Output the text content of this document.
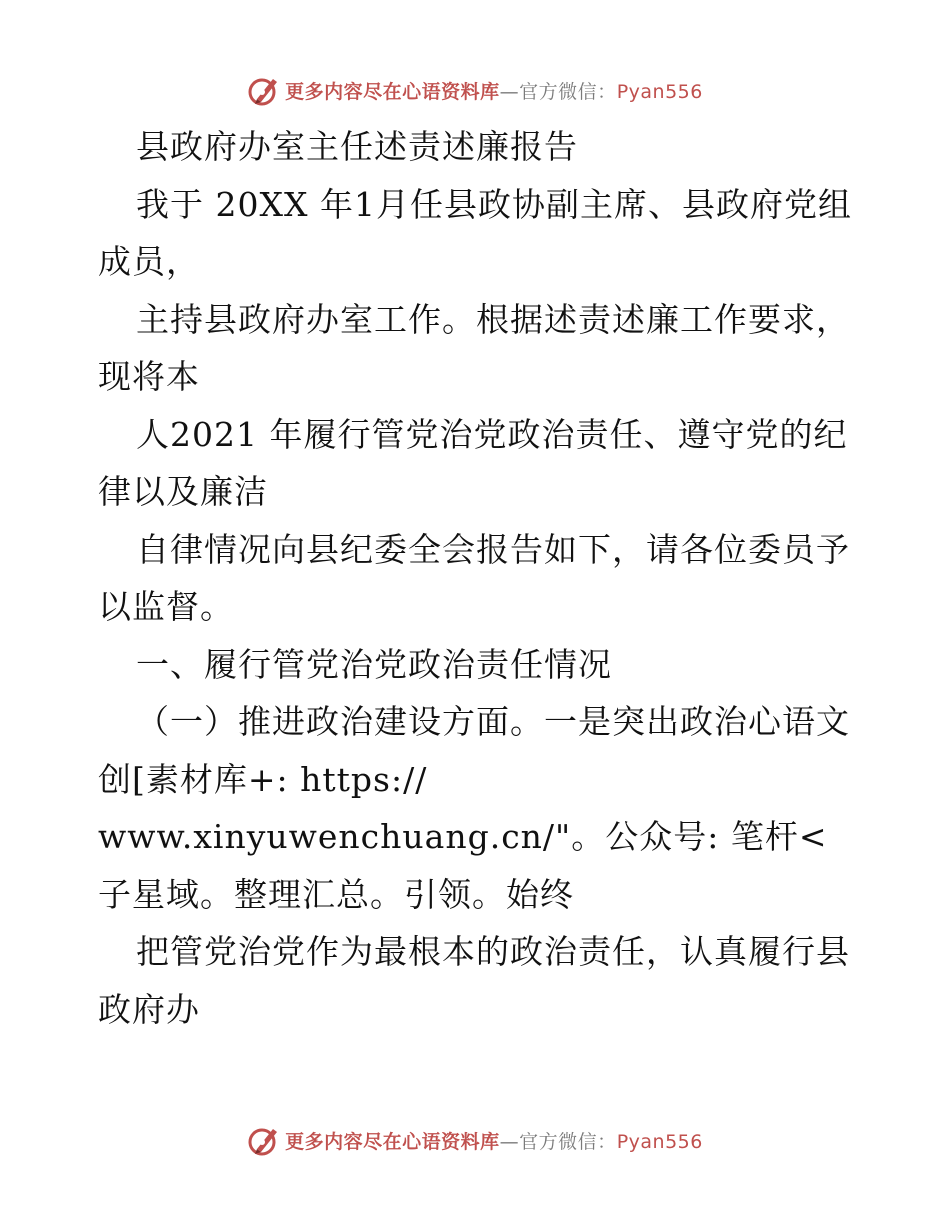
更多内容尽在心语资料库—官方微信：Pyan556

县政府办室主任述责述廉报告

我于 20XX 年1月任县政协副主席、县政府党组成员，

主持县政府办室工作。根据述责述廉工作要求，现将本

人2021 年履行管党治党政治责任、遵守党的纪律以及廉洁

自律情况向县纪委全会报告如下，请各位委员予以监督。

一、履行管党治党政治责任情况

（一）推进政治建设方面。一是突出政治心语文创[素材库+: https://

www.xinyuwenchuang.cn/"。公众号: 笔杆<子星域。整理汇总。引领。始终

把管党治党作为最根本的政治责任，认真履行县政府办

更多内容尽在心语资料库—官方微信：Pyan556
